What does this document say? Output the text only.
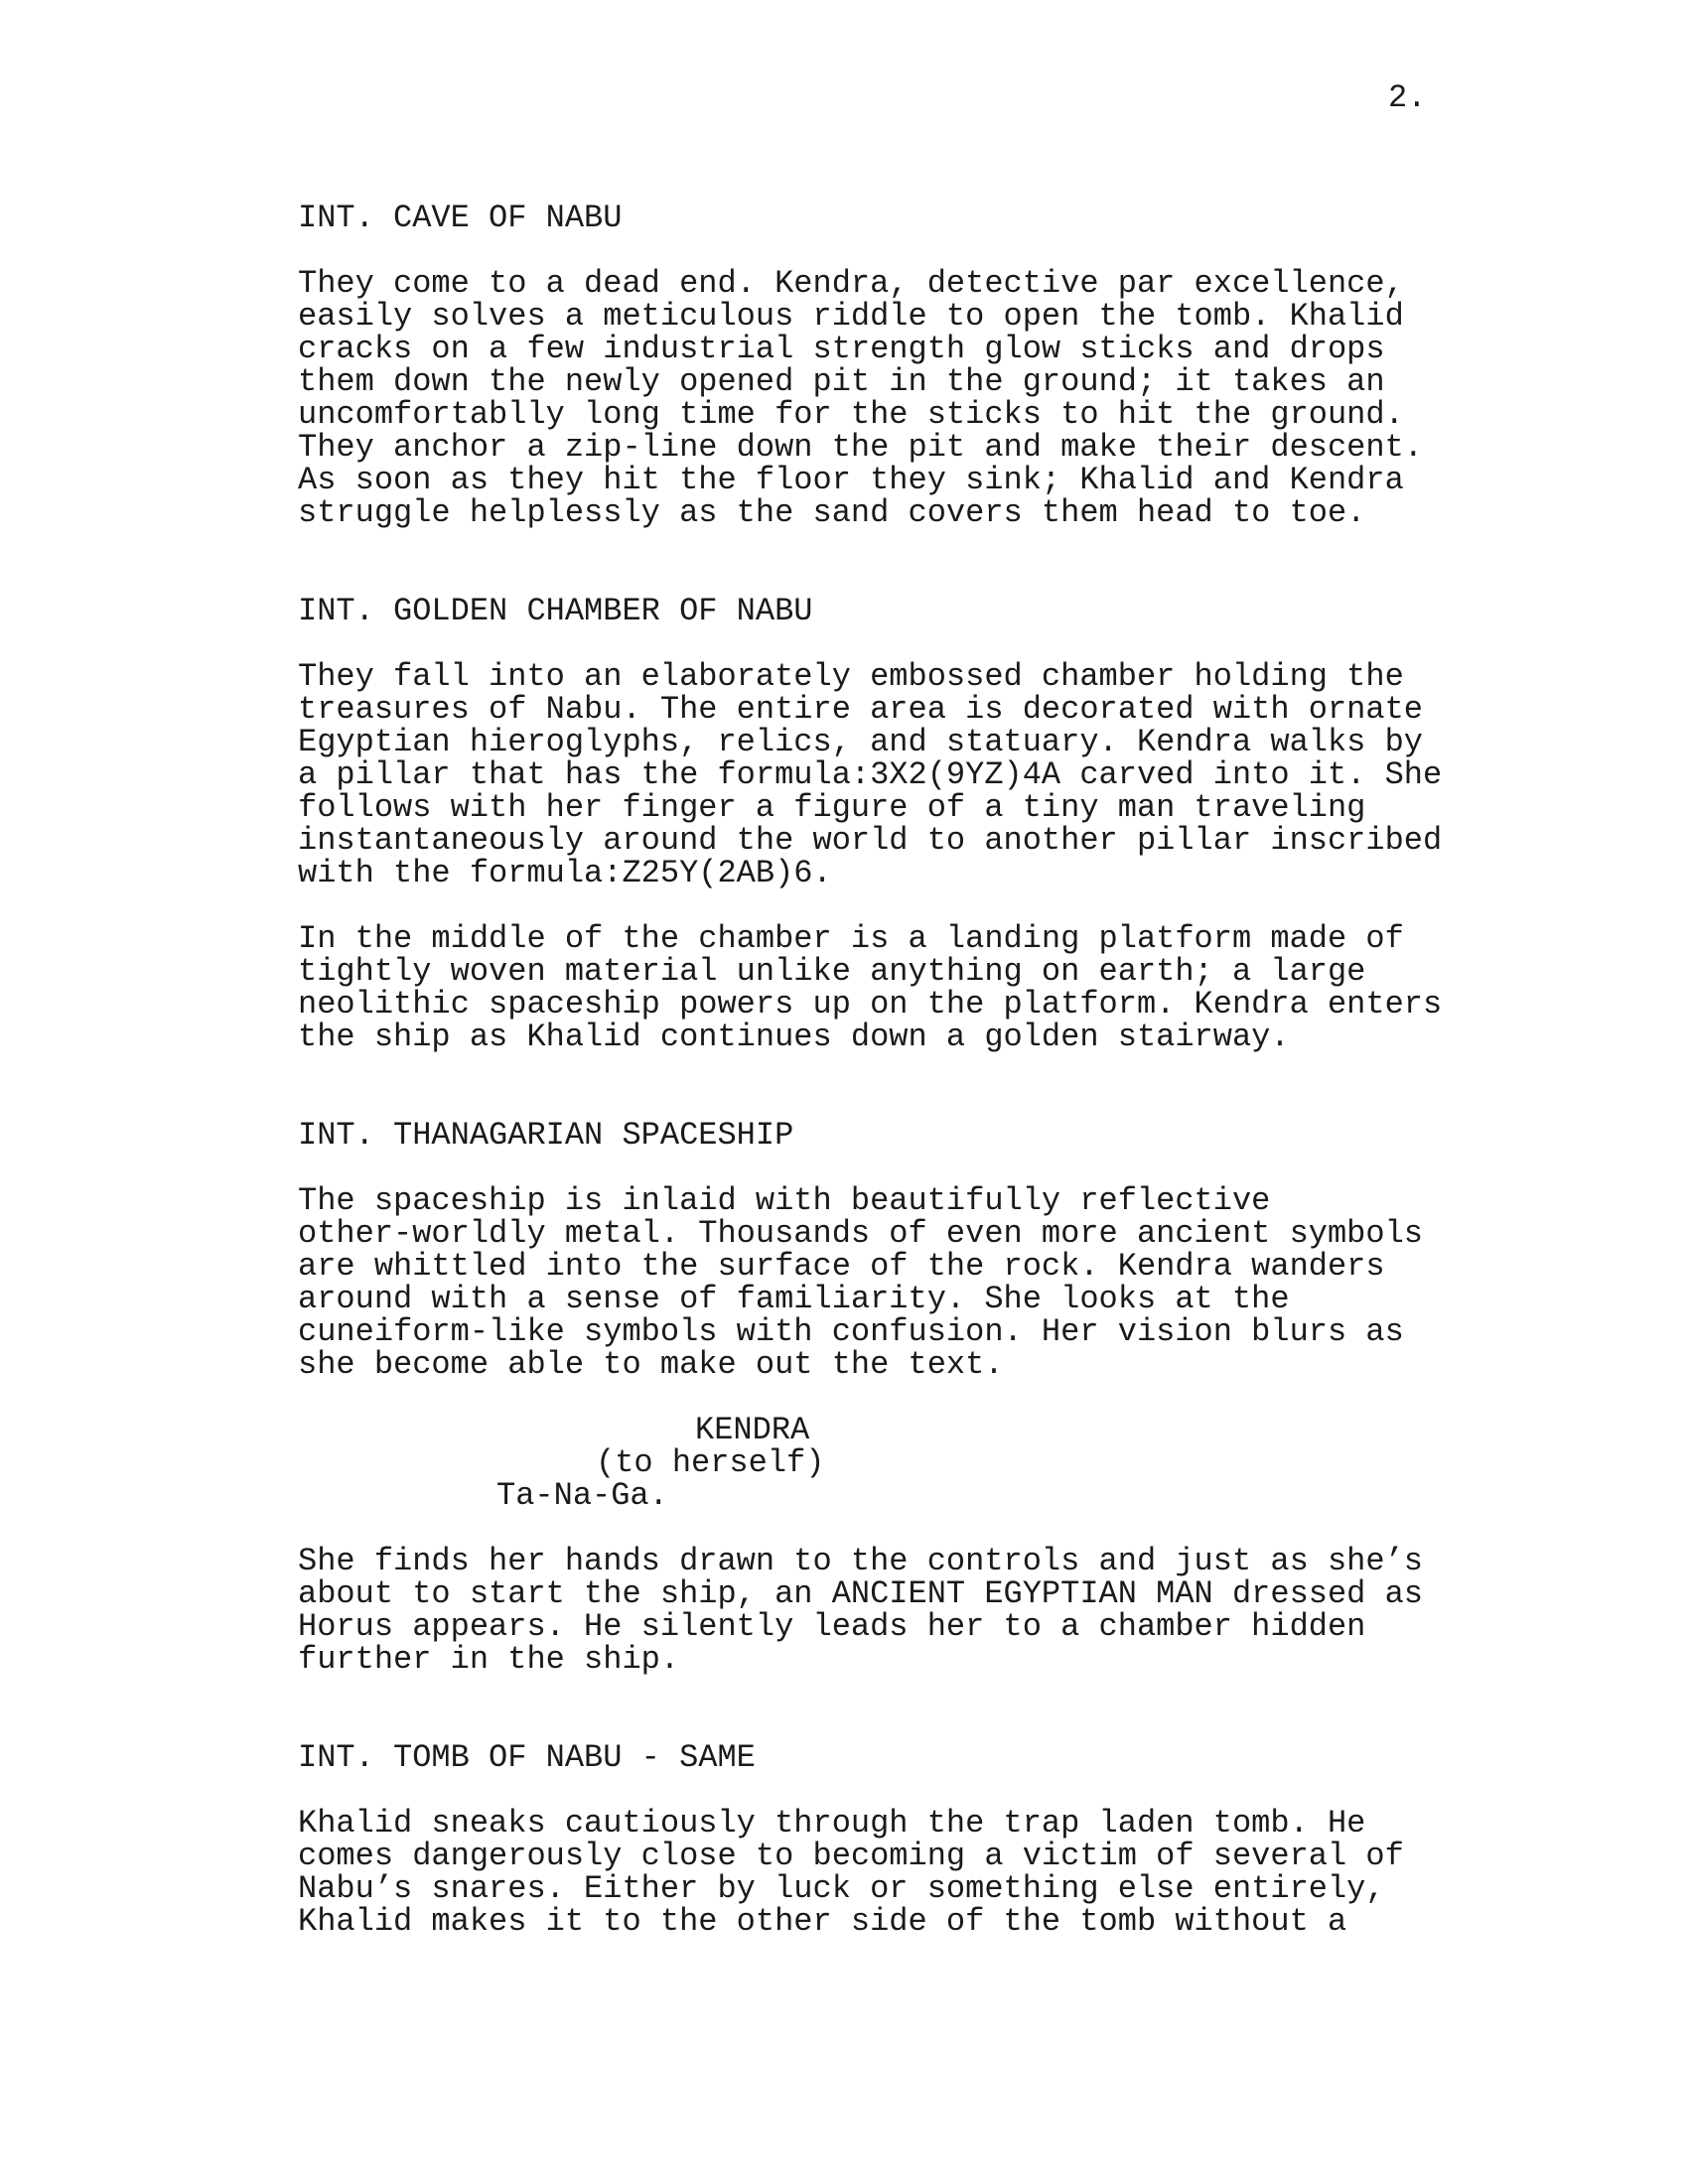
2.
INT. CAVE OF NABU
They come to a dead end. Kendra, detective par excellence,
easily solves a meticulous riddle to open the tomb. Khalid
cracks on a few industrial strength glow sticks and drops
them down the newly opened pit in the ground; it takes an
uncomfortablly long time for the sticks to hit the ground.
They anchor a zip-line down the pit and make their descent.
As soon as they hit the floor they sink; Khalid and Kendra
struggle helplessly as the sand covers them head to toe.
INT. GOLDEN CHAMBER OF NABU
They fall into an elaborately embossed chamber holding the
treasures of Nabu. The entire area is decorated with ornate
Egyptian hieroglyphs, relics, and statuary. Kendra walks by
a pillar that has the formula:3X2(9YZ)4A carved into it. She
follows with her finger a figure of a tiny man traveling
instantaneously around the world to another pillar inscribed
with the formula:Z25Y(2AB)6.
In the middle of the chamber is a landing platform made of
tightly woven material unlike anything on earth; a large
neolithic spaceship powers up on the platform. Kendra enters
the ship as Khalid continues down a golden stairway.
INT. THANAGARIAN SPACESHIP
The spaceship is inlaid with beautifully reflective
other-worldly metal. Thousands of even more ancient symbols
are whittled into the surface of the rock. Kendra wanders
around with a sense of familiarity. She looks at the
cuneiform-like symbols with confusion. Her vision blurs as
she become able to make out the text.
KENDRA
(to herself)
Ta-Na-Ga.
She finds her hands drawn to the controls and just as she’s
about to start the ship, an ANCIENT EGYPTIAN MAN dressed as
Horus appears. He silently leads her to a chamber hidden
further in the ship.
INT. TOMB OF NABU - SAME
Khalid sneaks cautiously through the trap laden tomb. He
comes dangerously close to becoming a victim of several of
Nabu’s snares. Either by luck or something else entirely,
Khalid makes it to the other side of the tomb without a
